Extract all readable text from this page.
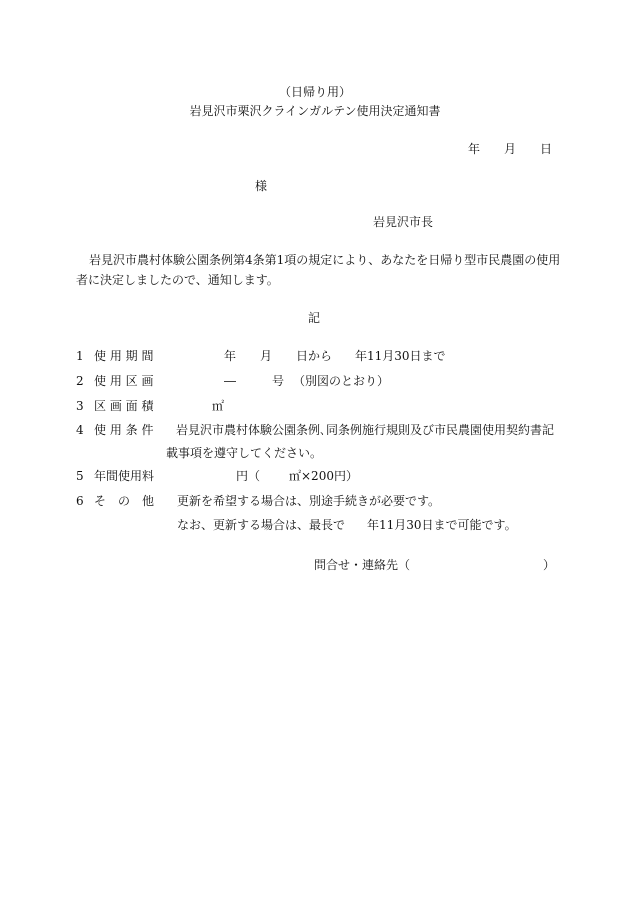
（日帰り用）
岩見沢市栗沢クラインガルテン使用決定通知書
年 月 日
様
岩見沢市長
岩見沢市農村体験公園条例第4条第1項の規定により、あなたを日帰り型市民農園の使用
者に決定しましたので、通知します。
記
1 使 用 期 間	年 月 日から 年11月30日まで
2 使 用 区 画	―	号 （別図のとおり）
3 区 画 面 積	㎡
4 使 用 条 件 岩見沢市農村体験公園条例､同条例施行規則及び市民農園使用契約書記
載事項を遵守してください。
5 年間使用料	円（ ㎡×200円）
6 そ　の　他 更新を希望する場合は、別途手続きが必要です。
なお、更新する場合は、最長で 年11月30日まで可能です。
問合せ・連絡先（	）
